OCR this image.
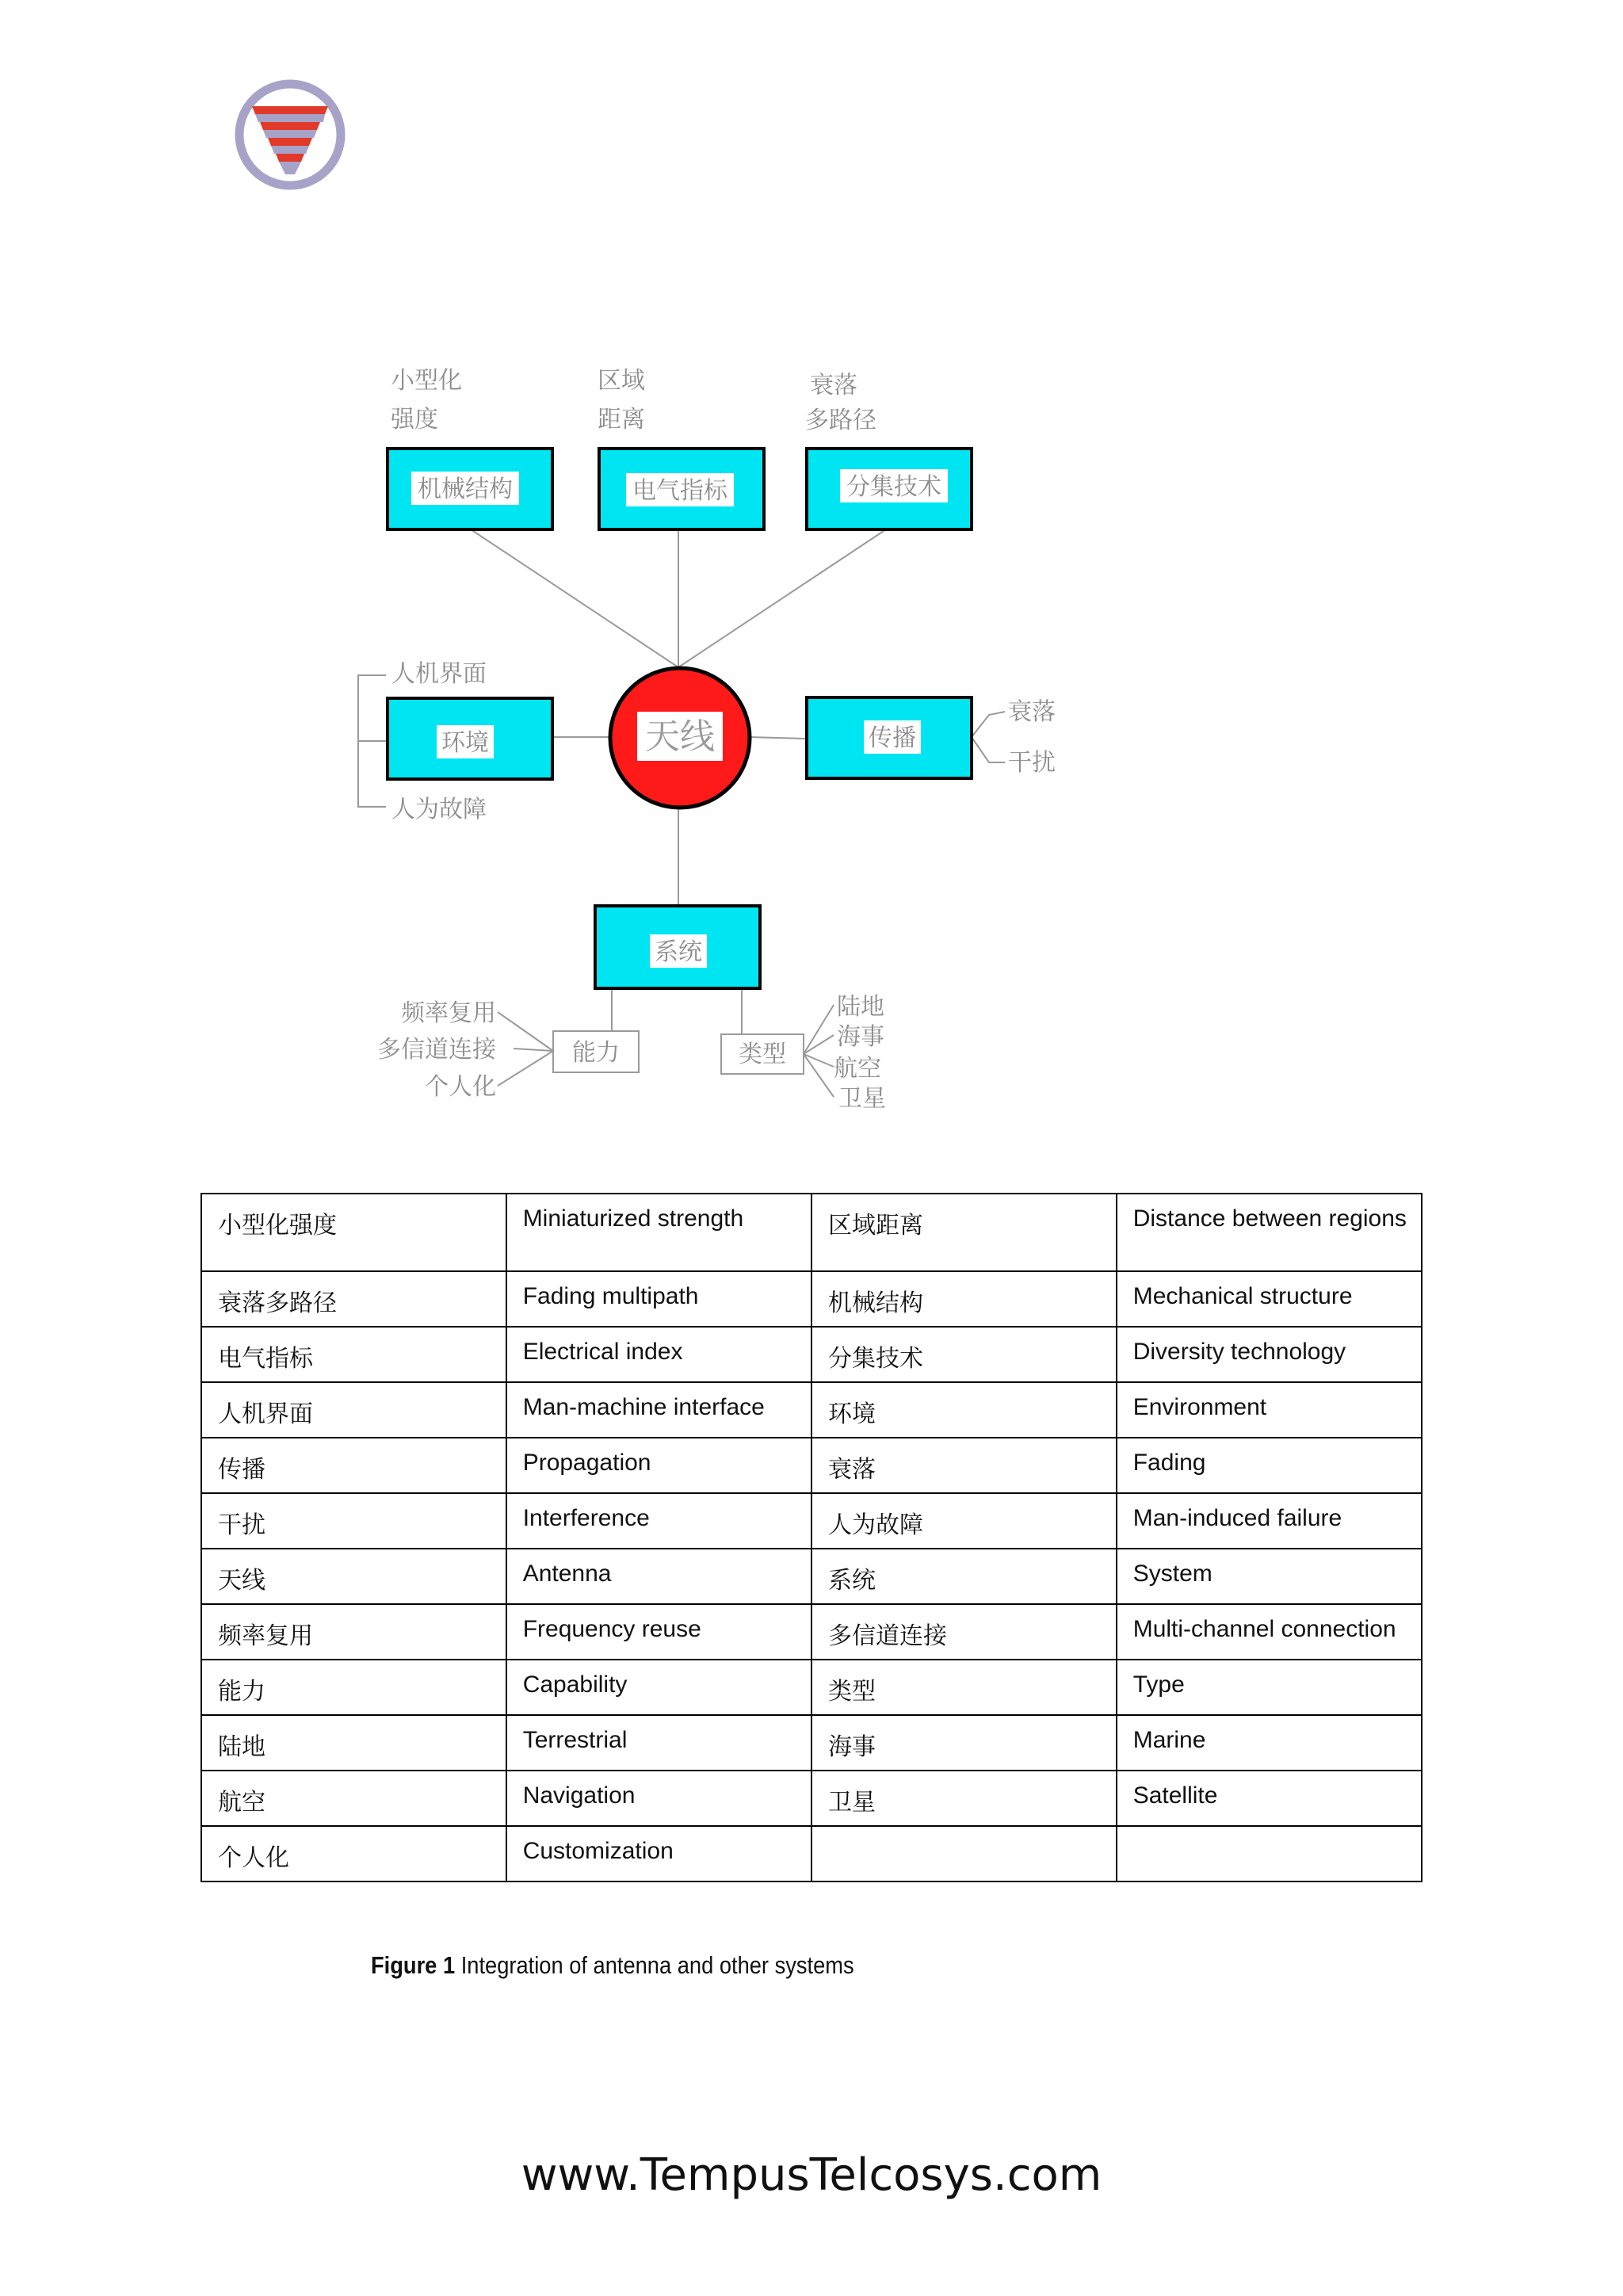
机械结构	电气指标	分集技术
环境	传播
系统
天线
小型化
强度
区域
距离
衰落
多路径
人机界面
人为故障
衰落
干扰
能力	类型
频率复用
多信道连接
个人化
陆地
海事
航空
卫星
小型化强度	Miniaturized strength	区域距离	Distance between regions
衰落多路径	Fading multipath	机械结构	Mechanical structure
电气指标	Electrical index	分集技术	Diversity technology
人机界面	Man-machine interface	环境	Environment
传播	Propagation	衰落	Fading
干扰	Interference	人为故障	Man-induced failure
天线	Antenna	系统	System
频率复用	Frequency reuse	多信道连接	Multi-channel connection
能力	Capability	类型	Type
陆地	Terrestrial	海事	Marine
航空	Navigation	卫星	Satellite
个人化	Customization		
Figure 1 Integration of antenna and other systems
www.TempusTelcosys.com
